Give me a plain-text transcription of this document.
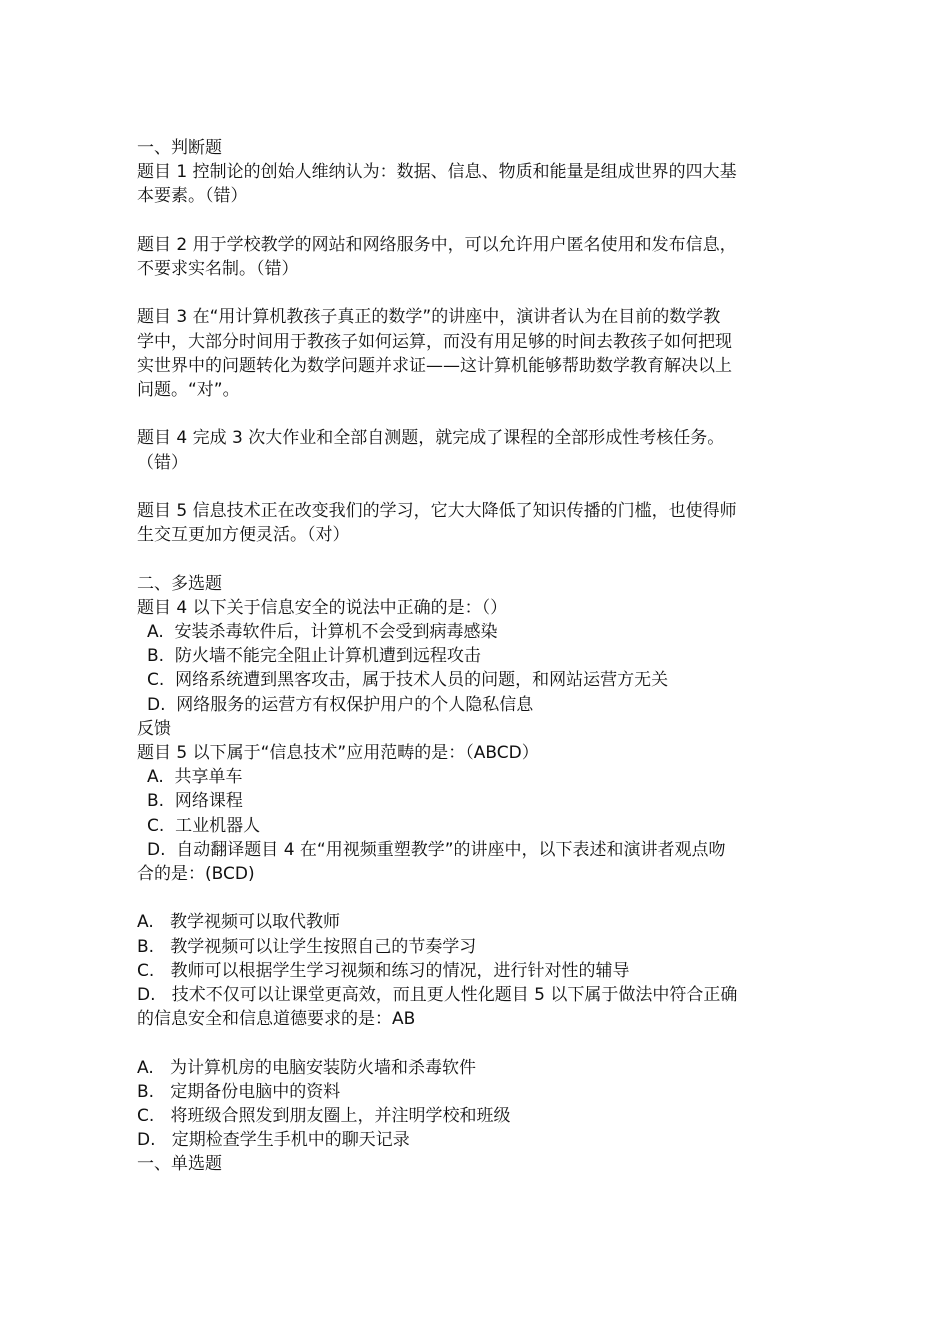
一、判断题
题目 1 控制论的创始人维纳认为：数据、信息、物质和能量是组成世界的四大基
本要素。（错）
题目 2 用于学校教学的网站和网络服务中，可以允许用户匿名使用和发布信息，
不要求实名制。（错）
题目 3 在“用计算机教孩子真正的数学”的讲座中，演讲者认为在目前的数学教
学中，大部分时间用于教孩子如何运算，而没有用足够的时间去教孩子如何把现
实世界中的问题转化为数学问题并求证——这计算机能够帮助数学教育解决以上
问题。“对”。
题目 4 完成 3 次大作业和全部自测题，就完成了课程的全部形成性考核任务。
（错）
题目 5 信息技术正在改变我们的学习，它大大降低了知识传播的门槛，也使得师
生交互更加方便灵活。（对）
二、多选题
题目 4 以下关于信息安全的说法中正确的是：（）
A.  安装杀毒软件后，计算机不会受到病毒感染
B.  防火墙不能完全阻止计算机遭到远程攻击
C.  网络系统遭到黑客攻击，属于技术人员的问题，和网站运营方无关
D.  网络服务的运营方有权保护用户的个人隐私信息
反馈
题目 5 以下属于“信息技术”应用范畴的是：（ABCD）
A.  共享单车
B.  网络课程
C.  工业机器人
D.  自动翻译题目 4 在“用视频重塑教学”的讲座中，以下表述和演讲者观点吻
合的是：(BCD)
A.   教学视频可以取代教师
B.   教学视频可以让学生按照自己的节奏学习
C.   教师可以根据学生学习视频和练习的情况，进行针对性的辅导
D.   技术不仅可以让课堂更高效，而且更人性化题目 5 以下属于做法中符合正确
的信息安全和信息道德要求的是：AB
A.   为计算机房的电脑安装防火墙和杀毒软件
B.   定期备份电脑中的资料
C.   将班级合照发到朋友圈上，并注明学校和班级
D.   定期检查学生手机中的聊天记录
一、单选题
